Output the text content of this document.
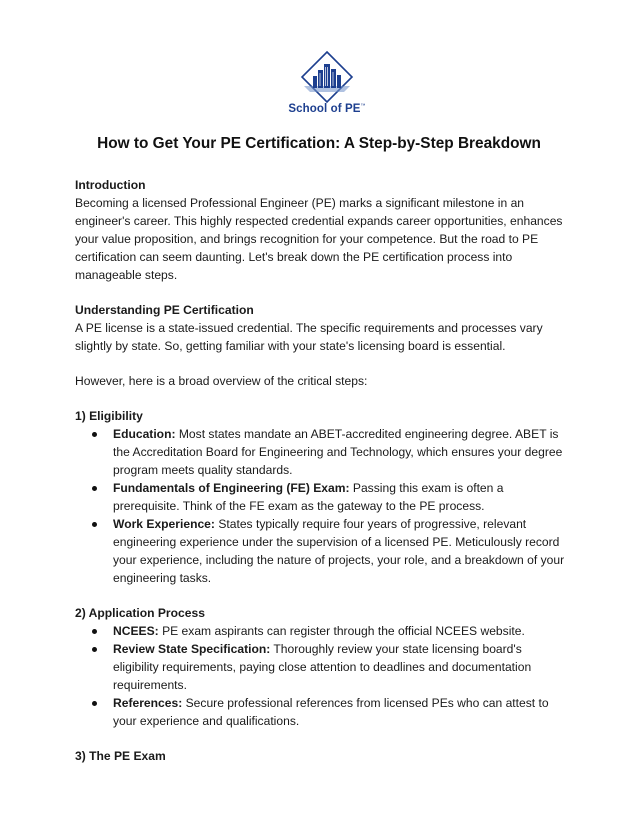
School of PE™
How to Get Your PE Certification: A Step-by-Step Breakdown

Introduction

Becoming a licensed Professional Engineer (PE) marks a significant milestone in an engineer's career. This highly respected credential expands career opportunities, enhances your value proposition, and brings recognition for your competence. But the road to PE certification can seem daunting. Let's break down the PE certification process into manageable steps.

Understanding PE Certification

A PE license is a state-issued credential. The specific requirements and processes vary slightly by state. So, getting familiar with your state's licensing board is essential.

However, here is a broad overview of the critical steps:

1) Eligibility

Education: Most states mandate an ABET-accredited engineering degree. ABET is the Accreditation Board for Engineering and Technology, which ensures your degree program meets quality standards.
Fundamentals of Engineering (FE) Exam: Passing this exam is often a prerequisite. Think of the FE exam as the gateway to the PE process.
Work Experience: States typically require four years of progressive, relevant engineering experience under the supervision of a licensed PE. Meticulously record your experience, including the nature of projects, your role, and a breakdown of your engineering tasks.

2) Application Process

NCEES: PE exam aspirants can register through the official NCEES website.
Review State Specification: Thoroughly review your state licensing board's eligibility requirements, paying close attention to deadlines and documentation requirements.
References: Secure professional references from licensed PEs who can attest to your experience and qualifications.

3) The PE Exam
